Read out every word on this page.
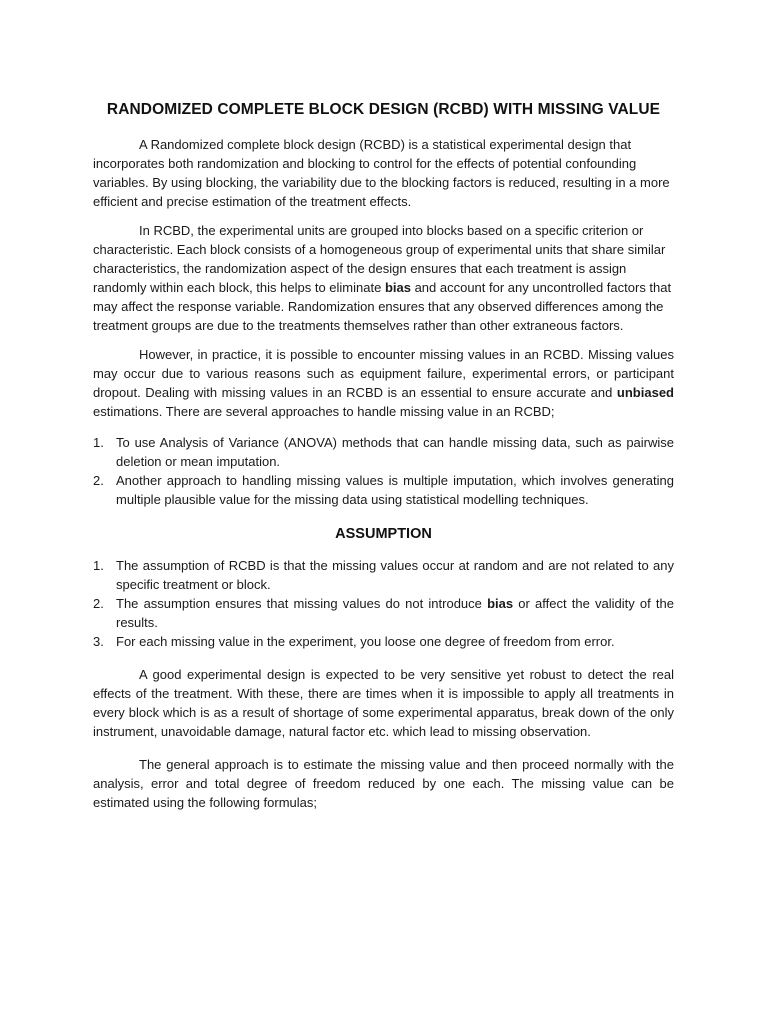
RANDOMIZED COMPLETE BLOCK DESIGN (RCBD) WITH MISSING VALUE

A Randomized complete block design (RCBD) is a statistical experimental design that incorporates both randomization and blocking to control for the effects of potential confounding variables. By using blocking, the variability due to the blocking factors is reduced, resulting in a more efficient and precise estimation of the treatment effects.

In RCBD, the experimental units are grouped into blocks based on a specific criterion or characteristic. Each block consists of a homogeneous group of experimental units that share similar characteristics, the randomization aspect of the design ensures that each treatment is assign randomly within each block, this helps to eliminate bias and account for any uncontrolled factors that may affect the response variable. Randomization ensures that any observed differences among the treatment groups are due to the treatments themselves rather than other extraneous factors.

However, in practice, it is possible to encounter missing values in an RCBD. Missing values may occur due to various reasons such as equipment failure, experimental errors, or participant dropout. Dealing with missing values in an RCBD is an essential to ensure accurate and unbiased estimations. There are several approaches to handle missing value in an RCBD;

1. To use Analysis of Variance (ANOVA) methods that can handle missing data, such as pairwise deletion or mean imputation.
2. Another approach to handling missing values is multiple imputation, which involves generating multiple plausible value for the missing data using statistical modelling techniques.
ASSUMPTION
1. The assumption of RCBD is that the missing values occur at random and are not related to any specific treatment or block.
2. The assumption ensures that missing values do not introduce bias or affect the validity of the results.
3. For each missing value in the experiment, you loose one degree of freedom from error.

A good experimental design is expected to be very sensitive yet robust to detect the real effects of the treatment. With these, there are times when it is impossible to apply all treatments in every block which is as a result of shortage of some experimental apparatus, break down of the only instrument, unavoidable damage, natural factor etc. which lead to missing observation.

The general approach is to estimate the missing value and then proceed normally with the analysis, error and total degree of freedom reduced by one each. The missing value can be estimated using the following formulas;
